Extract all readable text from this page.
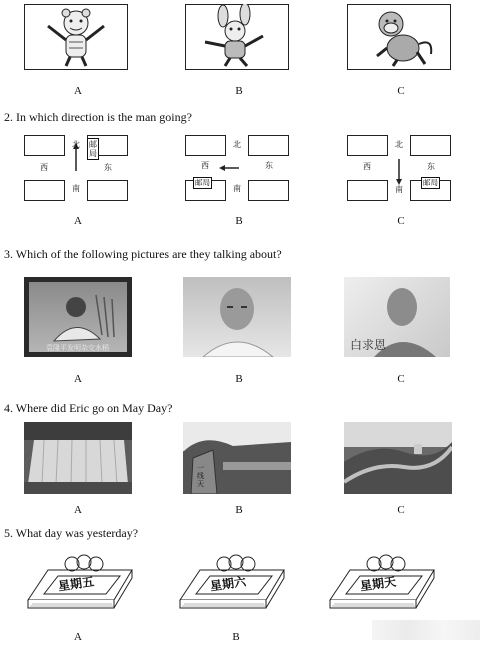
A	B	C
2. In which direction is the man going?
北
西	东
南
邮局
北
西	东
南
邮局
北
西	东
南
邮局
A	B	C
3. Which of the following pictures are they talking about?
袁隆平发明杂交水稻	白求恩
A	B	C
4. Where did Eric go on May Day?
一线天
A	B	C
5. What day was yesterday?
星期五	星期六	星期天
A	B
